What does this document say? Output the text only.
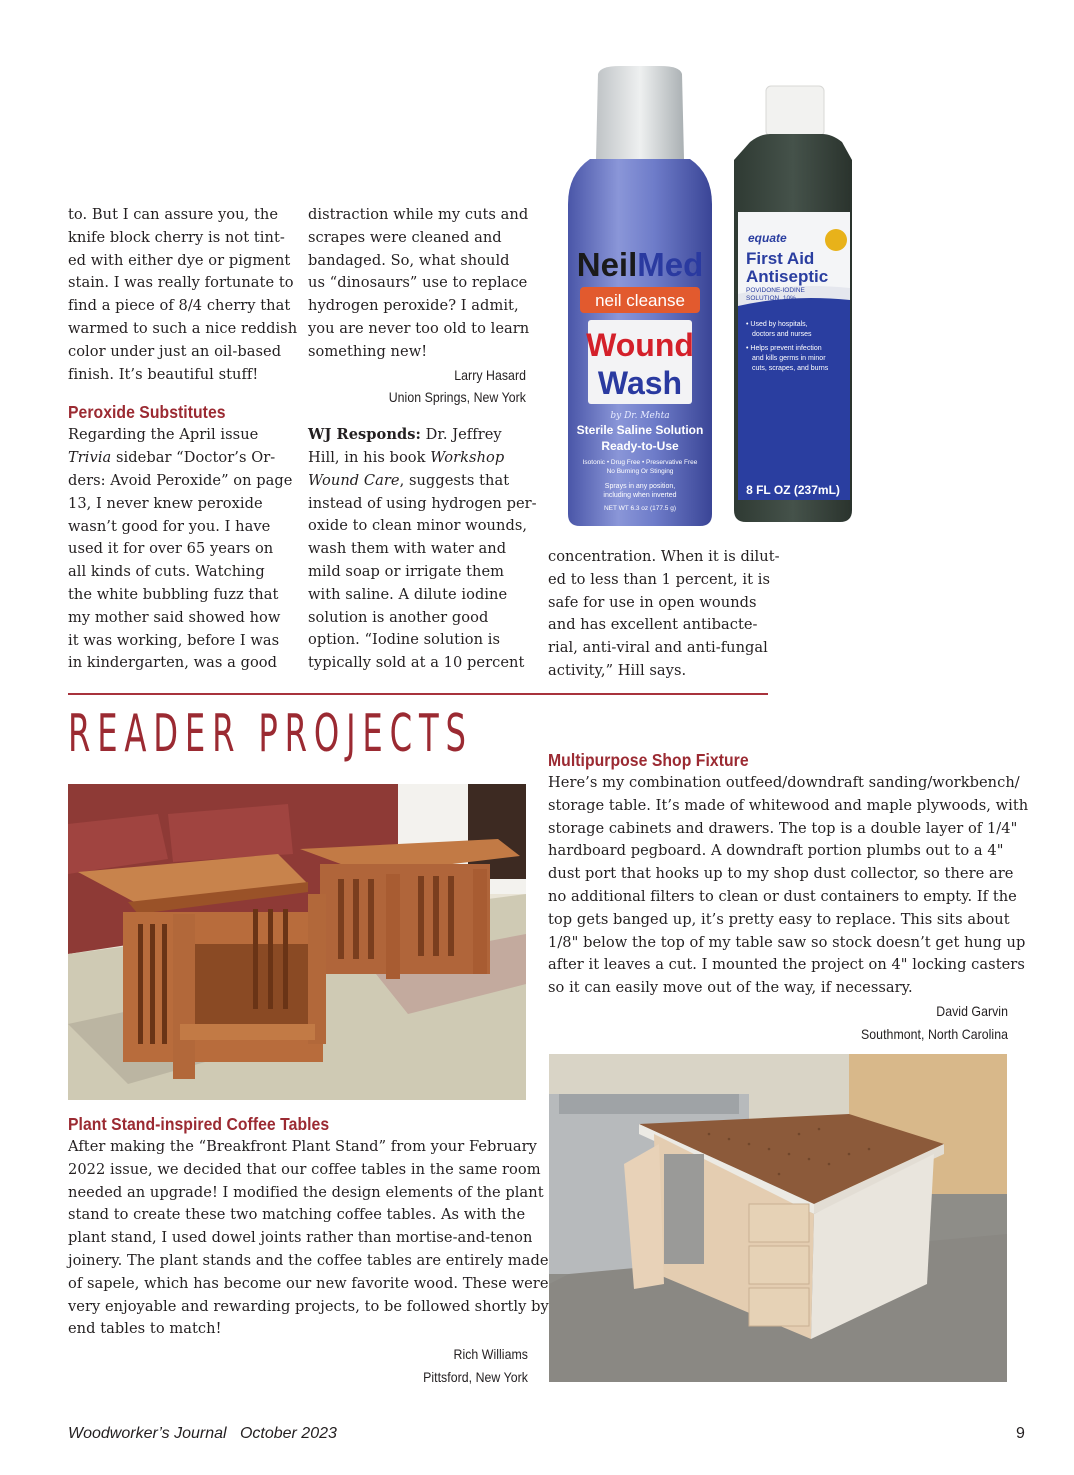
to. But I can assure you, the
knife block cherry is not tint-
ed with either dye or pigment
stain. I was really fortunate to
find a piece of 8/4 cherry that
warmed to such a nice reddish
color under just an oil-based
finish. It’s beautiful stuff!
Peroxide Substitutes
Regarding the April issue
Trivia sidebar “Doctor’s Or-
ders: Avoid Peroxide” on page
13, I never knew peroxide
wasn’t good for you. I have
used it for over 65 years on
all kinds of cuts. Watching
the white bubbling fuzz that
my mother said showed how
it was working, before I was
in kindergarten, was a good
distraction while my cuts and
scrapes were cleaned and
bandaged. So, what should
us “dinosaurs” use to replace
hydrogen peroxide? I admit,
you are never too old to learn
something new!
Larry Hasard
Union Springs, New York
WJ Responds: Dr. Jeffrey
Hill, in his book Workshop
Wound Care, suggests that
instead of using hydrogen per-
oxide to clean minor wounds,
wash them with water and
mild soap or irrigate them
with saline. A dilute iodine
solution is another good
option. “Iodine solution is
typically sold at a 10 percent
concentration. When it is dilut-
ed to less than 1 percent, it is
safe for use in open wounds
and has excellent antibacte-
rial, anti-viral and anti-fungal
activity,” Hill says.
NeilMed
neil cleanse
Wound
Wash
by Dr. Mehta
Sterile Saline Solution
Ready-to-Use
Isotonic • Drug Free • Preservative Free
No Burning Or Stinging
Sprays in any position,
including when inverted
NET WT 6.3 oz (177.5 g)
equate
First Aid
Antiseptic
POVIDONE-IODINE
SOLUTION, 10%
• Used by hospitals,
doctors and nurses
• Helps prevent infection
and kills germs in minor
cuts, scrapes, and burns
8 FL OZ (237mL)
READER PROJECTS
Plant Stand-inspired Coffee Tables
After making the “Breakfront Plant Stand” from your February
2022 issue, we decided that our coffee tables in the same room
needed an upgrade! I modified the design elements of the plant
stand to create these two matching coffee tables. As with the
plant stand, I used dowel joints rather than mortise-and-tenon
joinery. The plant stands and the coffee tables are entirely made
of sapele, which has become our new favorite wood. These were
very enjoyable and rewarding projects, to be followed shortly by
end tables to match!
Rich Williams
Pittsford, New York
Multipurpose Shop Fixture
Here’s my combination outfeed/downdraft sanding/workbench/
storage table. It’s made of whitewood and maple plywoods, with
storage cabinets and drawers. The top is a double layer of 1/4"
hardboard pegboard. A downdraft portion plumbs out to a 4"
dust port that hooks up to my shop dust collector, so there are
no additional filters to clean or dust containers to empty. If the
top gets banged up, it’s pretty easy to replace. This sits about
1/8" below the top of my table saw so stock doesn’t get hung up
after it leaves a cut. I mounted the project on 4" locking casters
so it can easily move out of the way, if necessary.
David Garvin
Southmont, North Carolina
Woodworker’s Journal October 2023	9
